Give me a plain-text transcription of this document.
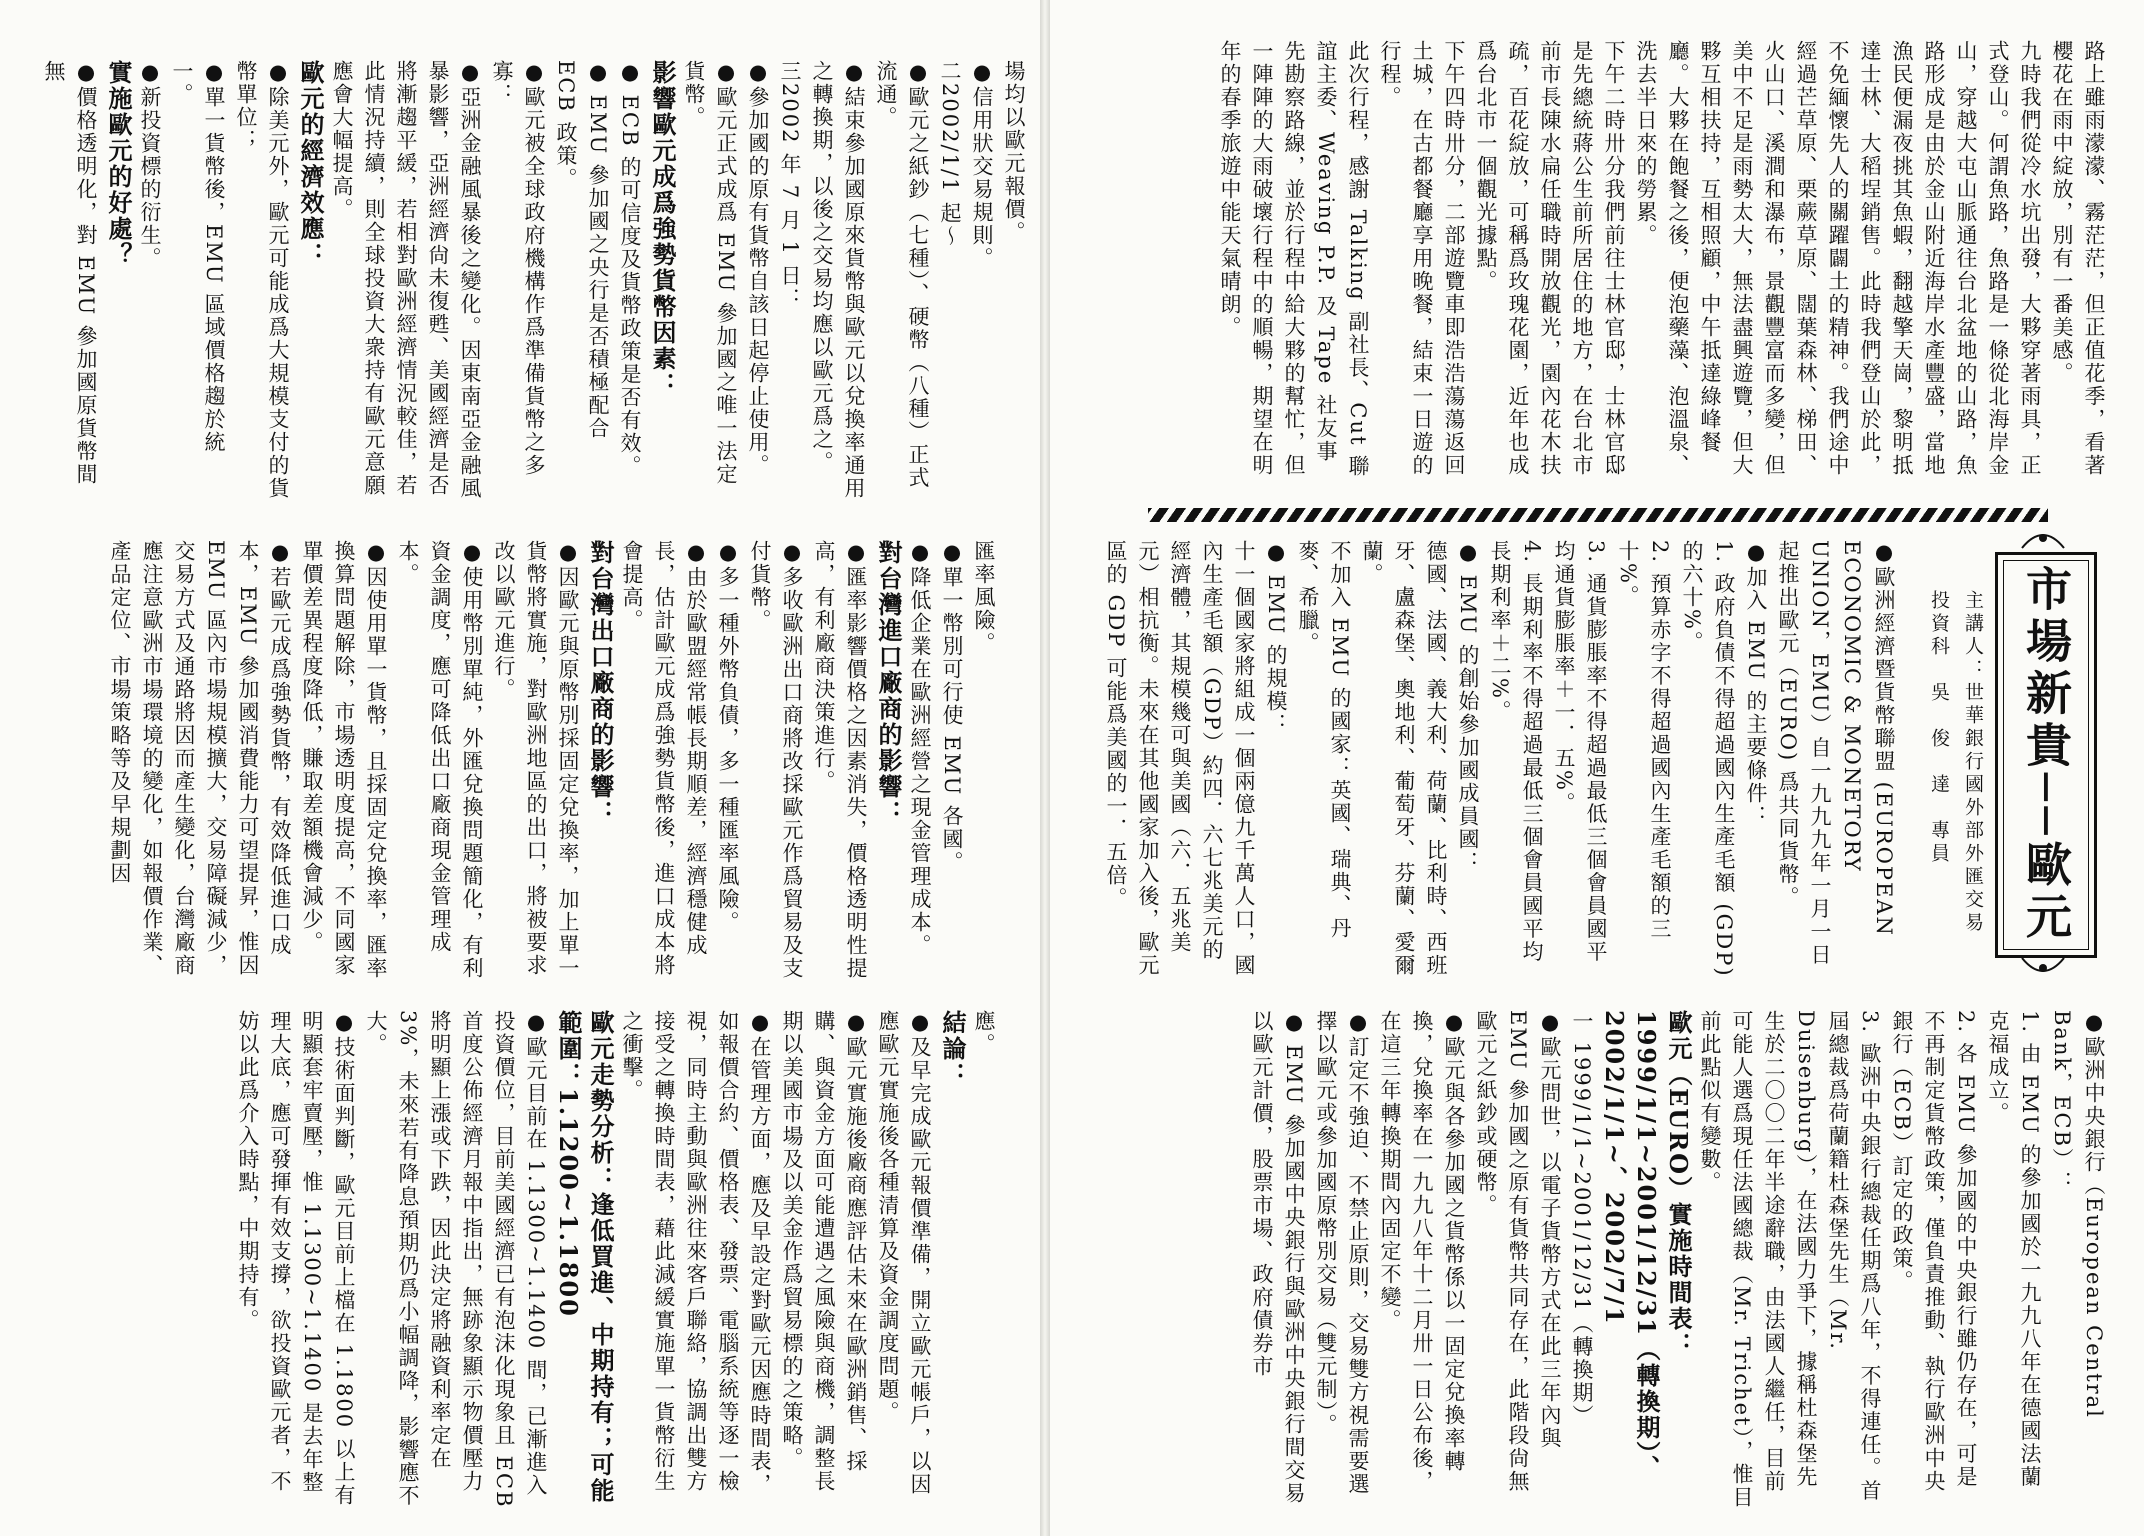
場均以歐元報價。

●信用狀交易規則。

二2002/1/1 起～

●歐元之紙鈔（七種）、硬幣（八種）正式流通。

●結束參加國原來貨幣與歐元以兌換率通用之轉換期，以後之交易均應以歐元爲之。

三2002 年 7 月 1 日：

●參加國的原有貨幣自該日起停止使用。

●歐元正式成爲 EMU 參加國之唯一法定貨幣。

影響歐元成爲強勢貨幣因素：

● ECB 的可信度及貨幣政策是否有效。

● EMU 參加國之央行是否積極配合 ECB 政策。

●歐元被全球政府機構作爲準備貨幣之多寡：

●亞洲金融風暴後之變化。因東南亞金融風暴影響，亞洲經濟尙未復甦、美國經濟是否將漸趨平緩，若相對歐洲經濟情況較佳，若此情況持續，則全球投資大衆持有歐元意願應會大幅提高。

歐元的經濟效應：

●除美元外，歐元可能成爲大規模支付的貨幣單位；

●單一貨幣後，EMU 區域價格趨於統一。

●新投資標的衍生。

實施歐元的好處？

●價格透明化，對 EMU 參加國原貨幣間無

匯率風險。

●單一幣別可行使 EMU 各國。

●降低企業在歐洲經營之現金管理成本。

對台灣進口廠商的影響：

●匯率影響價格之因素消失，價格透明性提高，有利廠商決策進行。

●多收歐洲出口商將改採歐元作爲貿易及支付貨幣。

●多一種外幣負債，多一種匯率風險。

●由於歐盟經常帳長期順差，經濟穩健成長，估計歐元成爲強勢貨幣後，進口成本將會提高。

對台灣出口廠商的影響：

●因歐元與原幣別採固定兌換率，加上單一貨幣將實施，對歐洲地區的出口，將被要求改以歐元進行。

●使用幣別單純，外匯兌換問題簡化，有利資金調度，應可降低出口廠商現金管理成本。

●因使用單一貨幣，且採固定兌換率，匯率換算問題解除，市場透明度提高，不同國家單價差異程度降低，賺取差額機會減少。

●若歐元成爲強勢貨幣，有效降低進口成本，EMU 參加國消費能力可望提昇，惟因 EMU 區內市場規模擴大，交易障礙減少，交易方式及通路將因而產生變化，台灣廠商應注意歐洲市場環境的變化，如報價作業、產品定位、市場策略等及早規劃因

應。

結論：

●及早完成歐元報價準備，開立歐元帳戶，以因應歐元實施後各種清算及資金調度問題。

●歐元實施後廠商應評估未來在歐洲銷售、採購、與資金方面可能遭遇之風險與商機，調整長期以美國市場及以美金作爲貿易標的之策略。

●在管理方面，應及早設定對歐元因應時間表，如報價合約、價格表、發票、電腦系統等逐一檢視，同時主動與歐洲往來客戶聯絡，協調出雙方接受之轉換時間表，藉此減緩實施單一貨幣衍生之衝擊。

歐元走勢分析：逢低買進、中期持有；可能範圍：1.1200~1.1800

●歐元目前在 1.1300~1.1400 間，已漸進入投資價位，目前美國經濟已有泡沫化現象且 ECB 首度公佈經濟月報中指出，無跡象顯示物價壓力將明顯上漲或下跌，因此決定將融資利率定在 3%，未來若有降息預期仍爲小幅調降，影響應不大。

●技術面判斷，歐元目前上檔在 1.1800 以上有明顯套牢賣壓，惟 1.1300~1.1400 是去年整理大底，應可發揮有效支撐，欲投資歐元者，不妨以此爲介入時點，中期持有。

路上雖雨濛濛、霧茫茫，但正值花季，看著櫻花在雨中綻放，別有一番美感。

九時我們從冷水坑出發，大夥穿著雨具，正式登山。何謂魚路，魚路是一條從北海岸金山，穿越大屯山脈通往台北盆地的山路，魚路形成是由於金山附近海岸水產豐盛，當地漁民便漏夜挑其魚蝦，翻越擎天崗，黎明抵達士林、大稻埕銷售。此時我們登山於此，不免緬懷先人的關躍闢土的精神。我們途中經過芒草原、栗蕨草原、闊葉森林、梯田、火山口、溪澗和瀑布，景觀豐富而多變，但美中不足是雨勢太大，無法盡興遊覽，但大夥互相扶持，互相照顧，中午抵達綠峰餐廳。大夥在飽餐之後，便泡藥藻、泡溫泉、洗去半日來的勞累。

下午二時卅分我們前往士林官邸，士林官邸是先總統蔣公生前所居住的地方，在台北市前市長陳水扁任職時開放觀光，園內花木扶疏，百花綻放，可稱爲玫瑰花園，近年也成爲台北市一個觀光據點。

下午四時卅分，二部遊覽車即浩浩蕩蕩返回土城，在古都餐廳享用晚餐，結束一日遊的行程。

此次行程，感謝 Talking 副社長、Cut 聯誼主委、Weaving P.P. 及 Tape 社友事先勘察路線，並於行程中給大夥的幫忙，但一陣陣的大雨破壞行程中的順暢，期望在明年的春季旅遊中能天氣晴朗。

市場新貴──歐元

主講人：世華銀行國外部外匯交易

投資科　吳　俊　達　專員

●歐洲經濟暨貨幣聯盟 (EUROPEAN ECONOMIC & MONETORY UNION，EMU）自一九九九年一月一日起推出歐元（EURO) 爲共同貨幣。

●加入 EMU 的主要條件：

1. 政府負債不得超過國內生產毛額 (GDP) 的六十%。

2. 預算赤字不得超過國內生產毛額的三十%。

3. 通貨膨脹率不得超過最低三個會員國平均通貨膨脹率＋一．五%。

4. 長期利率不得超過最低三個會員國平均長期利率＋二%。

● EMU 的創始參加國成員國：

德國、法國、義大利、荷蘭、比利時、西班牙、盧森堡、奧地利、葡萄牙、芬蘭、愛爾蘭。

不加入 EMU 的國家：英國、瑞典、丹麥、希臘。

● EMU 的規模：

十一個國家將組成一個兩億九千萬人口，國內生產毛額（GDP）約四．六七兆美元的經濟體，其規模幾可與美國（六．五兆美元）相抗衡。未來在其他國家加入後，歐元區的 GDP 可能爲美國的一．五倍。

●歐洲中央銀行（European Central Bank，ECB）：

1. 由 EMU 的參加國於一九九八年在德國法蘭克福成立。

2. 各 EMU 參加國的中央銀行雖仍存在，可是不再制定貨幣政策，僅負責推動、執行歐洲中央銀行（ECB）訂定的政策。

3. 歐洲中央銀行總裁任期爲八年，不得連任。首屆總裁爲荷蘭籍杜森堡先生（Mr. Duisenburg），在法國力爭下，據稱杜森堡先生於二〇〇二年半途辭職，由法國人繼任，目前可能人選爲現任法國總裁（Mr. Trichet），惟目前此點似有變數。

歐元（EURO）實施時間表：1999/1/1~2001/12/31（轉換期）、2002/1/1~、2002/7/1

一 1999/1/1~2001/12/31（轉換期）

●歐元問世，以電子貨幣方式在此三年內與 EMU 參加國之原有貨幣共同存在，此階段尙無歐元之紙鈔或硬幣。

●歐元與各參加國之貨幣係以一固定兌換率轉換，兌換率在一九九八年十二月卅一日公布後，在這三年轉換期間內固定不變。

●訂定不強迫、不禁止原則，交易雙方視需要選擇以歐元或參加國原幣別交易（雙元制）。

● EMU 參加國中央銀行與歐洲中央銀行間交易以歐元計價，股票市場、政府債券市
